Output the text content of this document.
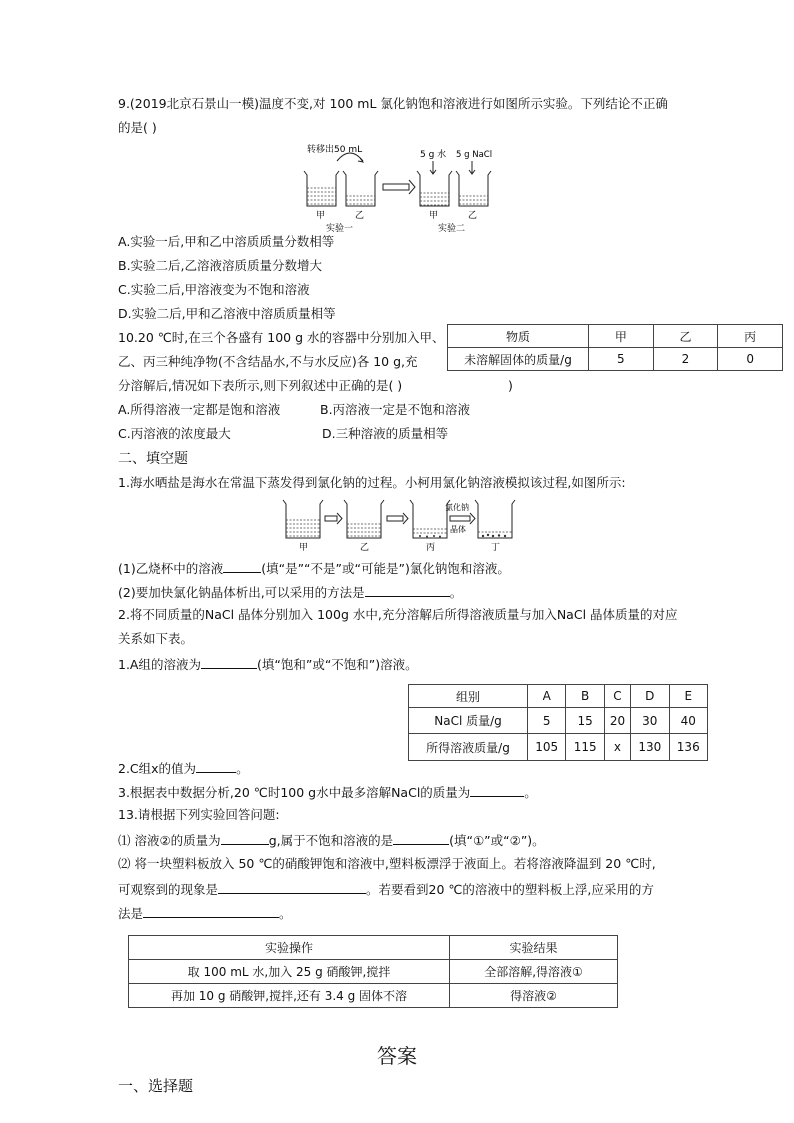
9.(2019北京石景山一模)温度不变,对 100 mL 氯化钠饱和溶液进行如图所示实验。下列结论不正确
的是( )
转移出50 mL	5 g 水 5 g NaCl
甲	乙	甲	乙
实验一	实验二
A.实验一后,甲和乙中溶质质量分数相等
B.实验二后,乙溶液溶质质量分数增大
C.实验二后,甲溶液变为不饱和溶液
D.实验二后,甲和乙溶液中溶质质量相等
10.20 ℃时,在三个各盛有 100 g 水的容器中分别加入甲、
乙、丙三种纯净物(不含结晶水,不与水反应)各 10 g,充
分溶解后,情况如下表所示,则下列叙述中正确的是( )	)
物质	甲	乙	丙
未溶解固体的质量/g	5	2	0
A.所得溶液一定都是饱和溶液	B.丙溶液一定是不饱和溶液
C.丙溶液的浓度最大	D.三种溶液的质量相等
二、填空题
1.海水晒盐是海水在常温下蒸发得到氯化钠的过程。小柯用氯化钠溶液模拟该过程,如图所示:
甲	乙	丙	丁
氯化钠
晶体
(1)乙烧杯中的溶液	(填“是”“不是”或“可能是”)氯化钠饱和溶液。
(2)要加快氯化钠晶体析出,可以采用的方法是	。
2.将不同质量的NaCl 晶体分别加入 100g 水中,充分溶解后所得溶液质量与加入NaCl 晶体质量的对应
关系如下表。
1.A组的溶液为	(填“饱和”或“不饱和”)溶液。
组别	A	B	C	D	E
NaCl 质量/g	5	15	20	30	40
所得溶液质量/g	105	115	x	130	136
2.C组x的值为	。
3.根据表中数据分析,20 ℃时100 g水中最多溶解NaCl的质量为	。
13.请根据下列实验回答问题:
⑴ 溶液②的质量为	g,属于不饱和溶液的是	(填“①”或“②”)。
⑵ 将一块塑料板放入 50 ℃的硝酸钾饱和溶液中,塑料板漂浮于液面上。若将溶液降温到 20 ℃时,
可观察到的现象是	。若要看到20 ℃的溶液中的塑料板上浮,应采用的方
法是	。
实验操作	实验结果
取 100 mL 水,加入 25 g 硝酸钾,搅拌	全部溶解,得溶液①
再加 10 g 硝酸钾,搅拌,还有 3.4 g 固体不溶	得溶液②
答案
一、选择题
